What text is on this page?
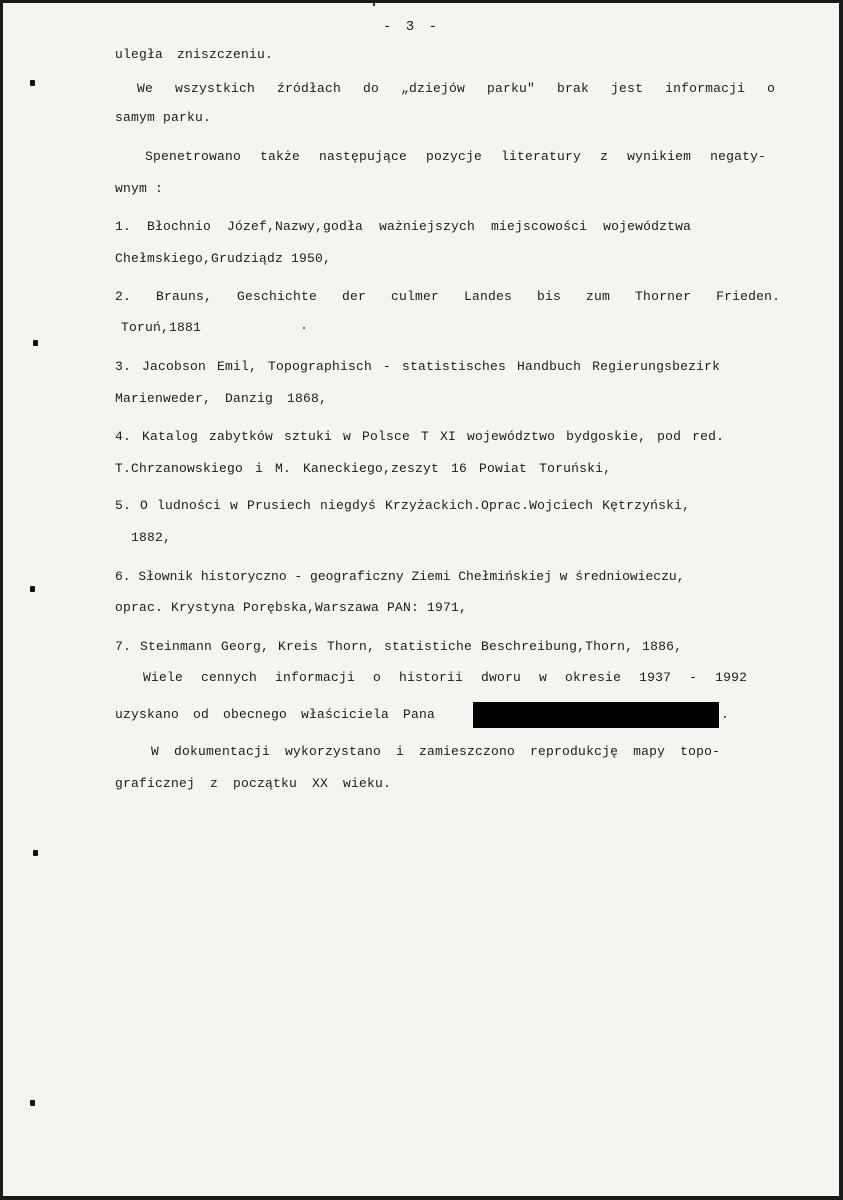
- 3 -

uległa zniszczeniu.

We wszystkich źródłach do „dziejów parku" brak jest informacji o

samym parku.

Spenetrowano także następujące pozycje literatury z wynikiem negaty-

wnym :

1. Błochnio Józef,Nazwy,godła ważniejszych miejscowości województwa

Chełmskiego,Grudziądz 1950,

2. Brauns, Geschichte der culmer Landes bis zum Thorner Frieden.

Toruń,1881

3. Jacobson Emil, Topographisch - statistisches Handbuch Regierungsbezirk

Marienweder, Danzig 1868,

4. Katalog zabytków sztuki w Polsce T XI województwo bydgoskie, pod red.

T.Chrzanowskiego i M. Kaneckiego,zeszyt 16 Powiat Toruński,

5. O ludności w Prusiech niegdyś Krzyżackich.Oprac.Wojciech Kętrzyński,

1882,

6. Słownik historyczno - geograficzny Ziemi Chełmińskiej w średniowieczu,

oprac. Krystyna Porębska,Warszawa PAN: 1971,

7. Steinmann Georg, Kreis Thorn, statistiche Beschreibung,Thorn, 1886,

Wiele cennych informacji o historii dworu w okresie 1937 - 1992

uzyskano od obecnego właściciela Pana	.

W dokumentacji wykorzystano i zamieszczono reprodukcję mapy topo-

graficznej z początku XX wieku.
